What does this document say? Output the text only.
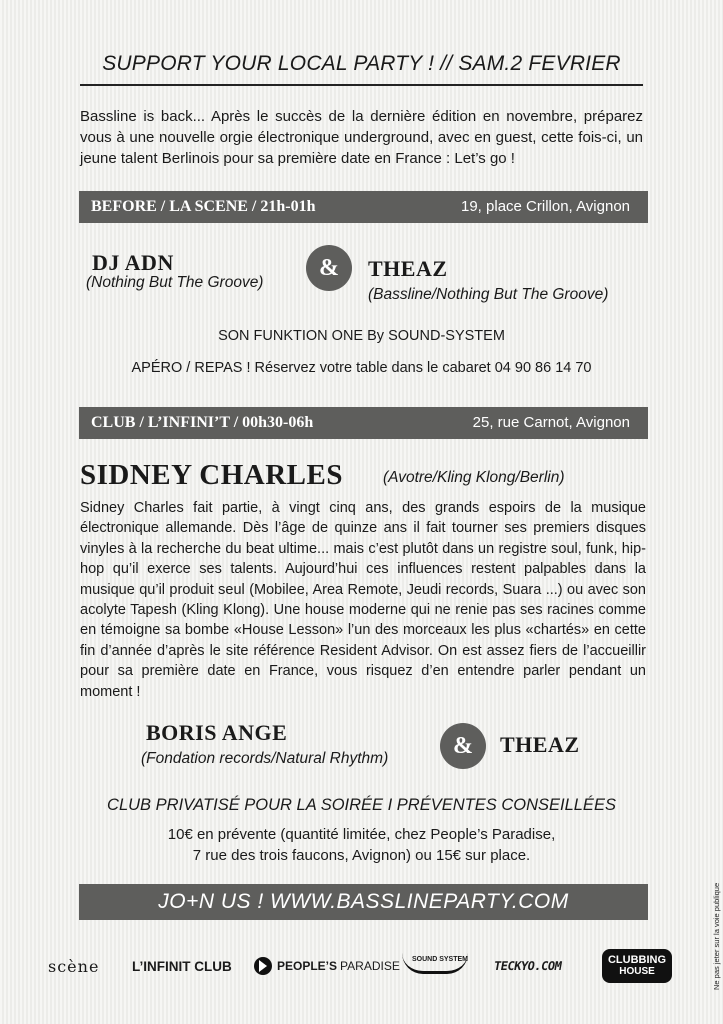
SUPPORT YOUR LOCAL PARTY ! // SAM.2 FEVRIER
Bassline is back... Après le succès de la dernière édition en novembre, préparez vous à une nouvelle orgie électronique underground, avec en guest, cette fois-ci, un jeune talent Berlinois pour sa première date en France : Let’s go !
BEFORE / LA SCENE / 21h-01h	19, place Crillon, Avignon
DJ ADN
(Nothing But The Groove)
&	THEAZ
(Bassline/Nothing But The Groove)
SON FUNKTION ONE By SOUND-SYSTEM
APÉRO / REPAS ! Réservez votre table dans le cabaret 04 90 86 14 70
CLUB / L’INFINI’T / 00h30-06h	25, rue Carnot, Avignon
SIDNEY CHARLES	(Avotre/Kling Klong/Berlin)
Sidney Charles fait partie, à vingt cinq ans, des grands espoirs de la musique électronique allemande. Dès l’âge de quinze ans il fait tourner ses premiers disques vinyles à la recherche du beat ultime... mais c’est plutôt dans un registre soul, funk, hip-hop qu’il exerce ses talents. Aujourd’hui ces influences restent palpables dans la musique qu’il produit seul (Mobilee, Area Remote, Jeudi records, Suara ...) ou avec son acolyte Tapesh (Kling Klong). Une house moderne qui ne renie pas ses racines comme en témoigne sa bombe «House Lesson» l’un des morceaux les plus «chartés» en cette fin d’année d’après le site référence Resident Advisor. On est assez fiers de l’accueillir pour sa première date en France, vous risquez d’en entendre parler pendant un moment !
BORIS ANGE
(Fondation records/Natural Rhythm)	&	THEAZ
CLUB PRIVATISÉ POUR LA SOIRÉE I PRÉVENTES CONSEILLÉES
10€ en prévente (quantité limitée, chez People’s Paradise,
7 rue des trois faucons, Avignon) ou 15€ sur place.
JO+N US ! WWW.BASSLINEPARTY.COM
scène L’INFINIT CLUB	PEOPLE’S PARADISE SOUND SYSTEM TECKYO.COM	CLUBBING
HOUSE	Ne pas jeter sur la voie publique
